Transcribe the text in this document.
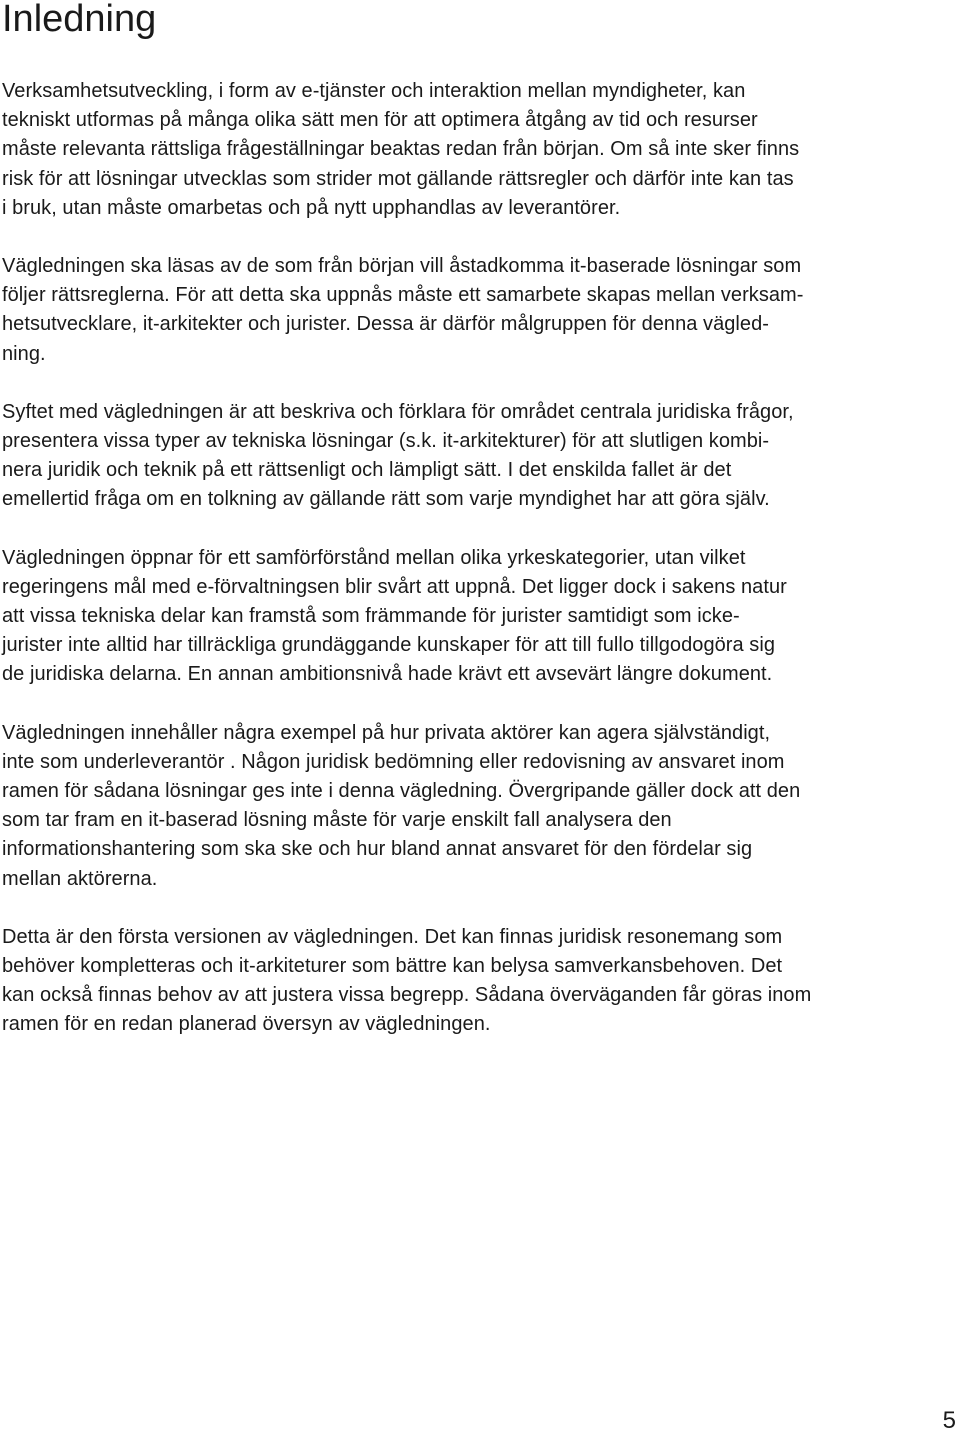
Inledning

Verksamhetsutveckling, i form av e-tjänster och interaktion mellan myndigheter, kan
tekniskt utformas på många olika sätt men för att optimera åtgång av tid och resurser
måste relevanta rättsliga frågeställningar beaktas redan från början. Om så inte sker finns
risk för att lösningar utvecklas som strider mot gällande rättsregler och därför inte kan tas
i bruk, utan måste omarbetas och på nytt upphandlas av leverantörer.

Vägledningen ska läsas av de som från början vill åstadkomma it-baserade lösningar som
följer rättsreglerna. För att detta ska uppnås måste ett samarbete skapas mellan verksam-
hetsutvecklare, it-arkitekter och jurister. Dessa är därför målgruppen för denna vägled-
ning.

Syftet med vägledningen är att beskriva och förklara för området centrala juridiska frågor,
presentera vissa typer av tekniska lösningar (s.k. it-arkitekturer) för att slutligen kombi-
nera juridik och teknik på ett rättsenligt och lämpligt sätt. I det enskilda fallet är det
emellertid fråga om en tolkning av gällande rätt som varje myndighet har att göra själv.

Vägledningen öppnar för ett samförförstånd mellan olika yrkeskategorier, utan vilket
regeringens mål med e-förvaltningsen blir svårt att uppnå. Det ligger dock i sakens natur
att vissa tekniska delar kan framstå som främmande för jurister samtidigt som icke-
jurister inte alltid har tillräckliga grundäggande kunskaper för att till fullo tillgodogöra sig
de juridiska delarna. En annan ambitionsnivå hade krävt ett avsevärt längre dokument.

Vägledningen innehåller några exempel på hur privata aktörer kan agera självständigt,
inte som underleverantör . Någon juridisk bedömning eller redovisning av ansvaret inom
ramen för sådana lösningar ges inte i denna vägledning. Övergripande gäller dock att den
som tar fram en it-baserad lösning måste för varje enskilt fall analysera den
informationshantering som ska ske och hur bland annat ansvaret för den fördelar sig
mellan aktörerna.

Detta är den första versionen av vägledningen. Det kan finnas juridisk resonemang som
behöver kompletteras och it-arkiteturer som bättre kan belysa samverkansbehoven. Det
kan också finnas behov av att justera vissa begrepp. Sådana överväganden får göras inom
ramen för en redan planerad översyn av vägledningen.

5
